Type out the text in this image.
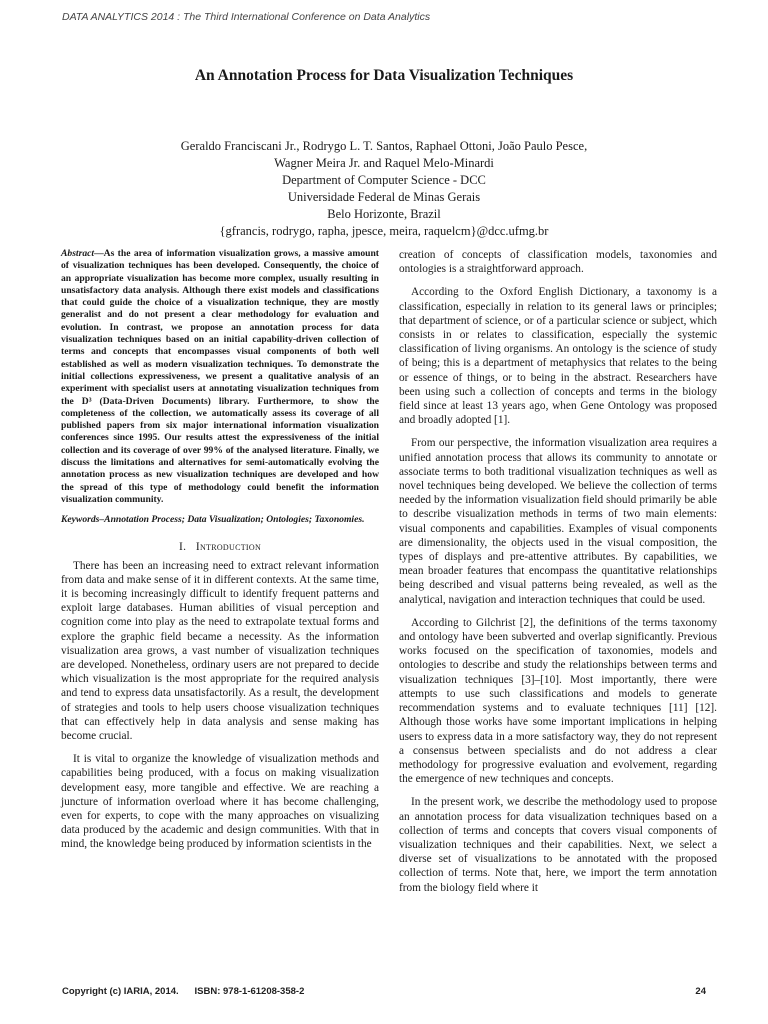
DATA ANALYTICS 2014 : The Third International Conference on Data Analytics
An Annotation Process for Data Visualization Techniques
Geraldo Franciscani Jr., Rodrygo L. T. Santos, Raphael Ottoni, João Paulo Pesce,
Wagner Meira Jr. and Raquel Melo-Minardi
Department of Computer Science - DCC
Universidade Federal de Minas Gerais
Belo Horizonte, Brazil
{gfrancis, rodrygo, rapha, jpesce, meira, raquelcm}@dcc.ufmg.br

Abstract—As the area of information visualization grows, a massive amount of visualization techniques has been developed. Consequently, the choice of an appropriate visualization has become more complex, usually resulting in unsatisfactory data analysis. Although there exist models and classifications that could guide the choice of a visualization technique, they are mostly generalist and do not present a clear methodology for evaluation and evolution. In contrast, we propose an annotation process for data visualization techniques based on an initial capability-driven collection of terms and concepts that encompasses visual components of both well established as well as modern visualization techniques. To demonstrate the initial collections expressiveness, we present a qualitative analysis of an experiment with specialist users at annotating visualization techniques from the D³ (Data-Driven Documents) library. Furthermore, to show the completeness of the collection, we automatically assess its coverage of all published papers from six major international information visualization conferences since 1995. Our results attest the expressiveness of the initial collection and its coverage of over 99% of the analysed literature. Finally, we discuss the limitations and alternatives for semi-automatically evolving the annotation process as new visualization techniques are developed and how the spread of this type of methodology could benefit the information visualization community.

Keywords–Annotation Process; Data Visualization; Ontologies; Taxonomies.

I. Introduction

There has been an increasing need to extract relevant information from data and make sense of it in different contexts. At the same time, it is becoming increasingly difficult to identify frequent patterns and exploit large databases. Human abilities of visual perception and cognition come into play as the need to extrapolate textual forms and explore the graphic field became a necessity. As the information visualization area grows, a vast number of visualization techniques are developed. Nonetheless, ordinary users are not prepared to decide which visualization is the most appropriate for the required analysis and tend to express data unsatisfactorily. As a result, the development of strategies and tools to help users choose visualization techniques that can effectively help in data analysis and sense making has become crucial.

It is vital to organize the knowledge of visualization methods and capabilities being produced, with a focus on making visualization development easy, more tangible and effective. We are reaching a juncture of information overload where it has become challenging, even for experts, to cope with the many approaches on visualizing data produced by the academic and design communities. With that in mind, the knowledge being produced by information scientists in the

creation of concepts of classification models, taxonomies and ontologies is a straightforward approach.

According to the Oxford English Dictionary, a taxonomy is a classification, especially in relation to its general laws or principles; that department of science, or of a particular science or subject, which consists in or relates to classification, especially the systemic classification of living organisms. An ontology is the science of study of being; this is a department of metaphysics that relates to the being or essence of things, or to being in the abstract. Researchers have been using such a collection of concepts and terms in the biology field since at least 13 years ago, when Gene Ontology was proposed and broadly adopted [1].

From our perspective, the information visualization area requires a unified annotation process that allows its community to annotate or associate terms to both traditional visualization techniques as well as novel techniques being developed. We believe the collection of terms needed by the information visualization field should primarily be able to describe visualization methods in terms of two main elements: visual components and capabilities. Examples of visual components are dimensionality, the objects used in the visual composition, the types of displays and pre-attentive attributes. By capabilities, we mean broader features that encompass the quantitative relationships being described and visual patterns being revealed, as well as the analytical, navigation and interaction techniques that could be used.

According to Gilchrist [2], the definitions of the terms taxonomy and ontology have been subverted and overlap significantly. Previous works focused on the specification of taxonomies, models and ontologies to describe and study the relationships between terms and visualization techniques [3]–[10]. Most importantly, there were attempts to use such classifications and models to generate recommendation systems and to evaluate techniques [11] [12]. Although those works have some important implications in helping users to express data in a more satisfactory way, they do not represent a consensus between specialists and do not address a clear methodology for progressive evaluation and evolvement, regarding the emergence of new techniques and concepts.

In the present work, we describe the methodology used to propose an annotation process for data visualization techniques based on a collection of terms and concepts that covers visual components of visualization techniques and their capabilities. Next, we select a diverse set of visualizations to be annotated with the proposed collection of terms. Note that, here, we import the term annotation from the biology field where it

Copyright (c) IARIA, 2014. ISBN: 978-1-61208-358-2	24
